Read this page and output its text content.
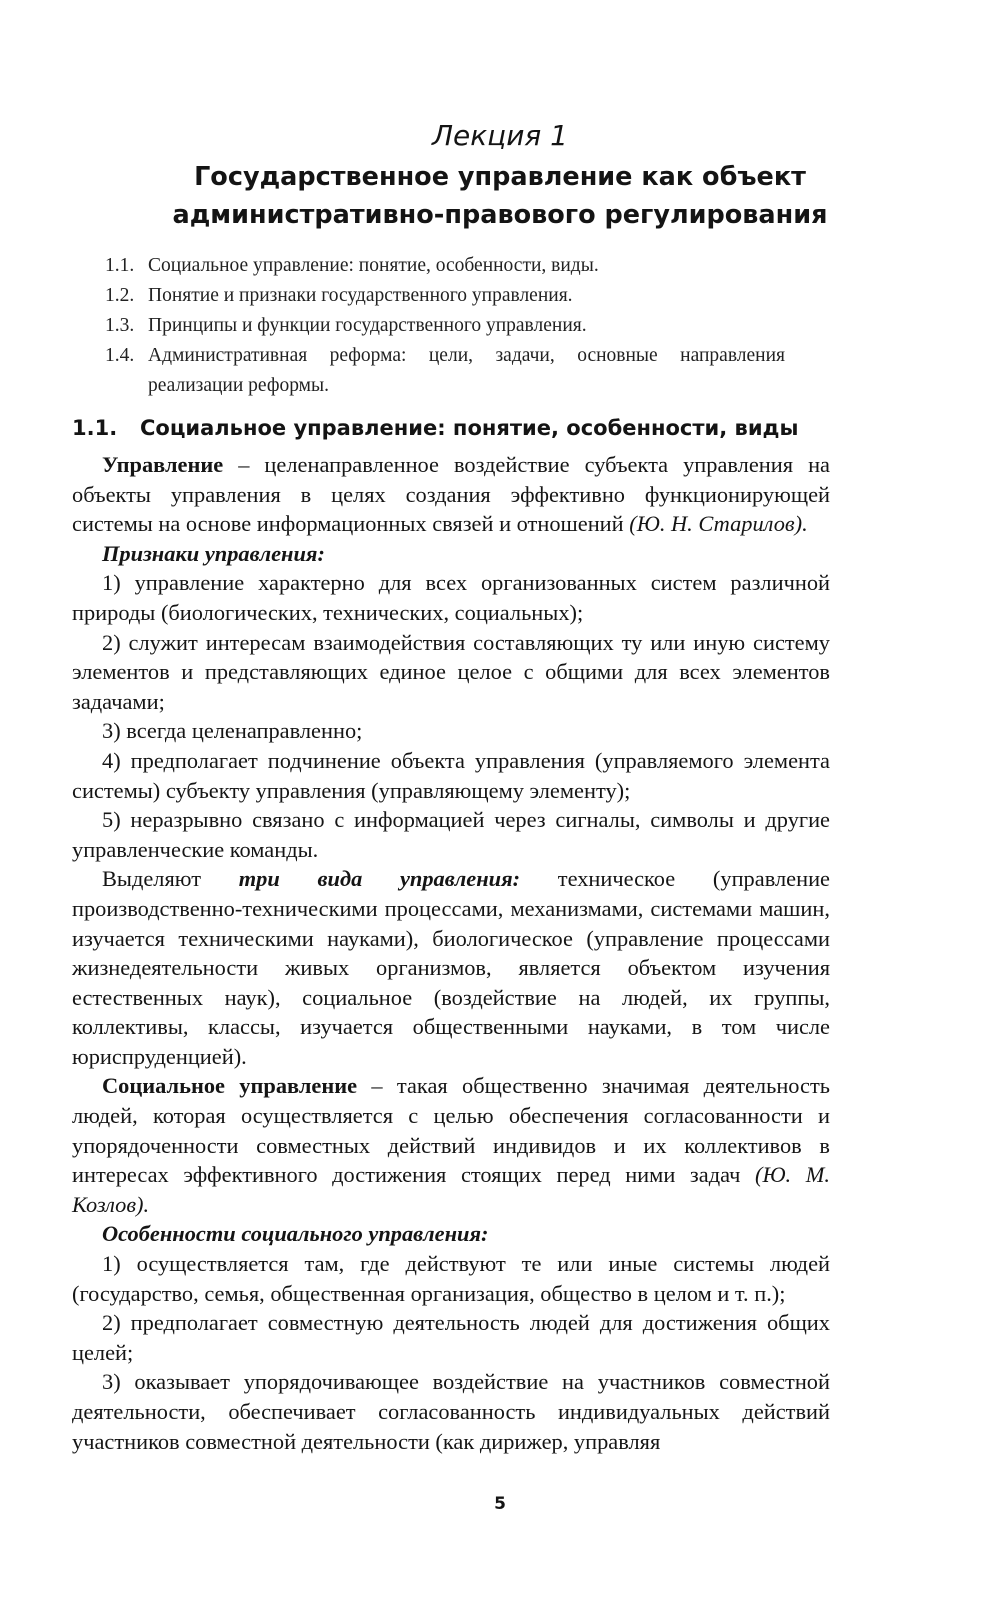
Лекция 1
Государственное управление как объект административно-правового регулирования
1.1. Социальное управление: понятие, особенности, виды.
1.2. Понятие и признаки государственного управления.
1.3. Принципы и функции государственного управления.
1.4. Административная реформа: цели, задачи, основные направления реализации реформы.
1.1. Социальное управление: понятие, особенности, виды

Управление – целенаправленное воздействие субъекта управления на объекты управления в целях создания эффективно функционирующей системы на основе информационных связей и отношений (Ю. Н. Старилов).

Признаки управления:

1) управление характерно для всех организованных систем различной природы (биологических, технических, социальных);

2) служит интересам взаимодействия составляющих ту или иную систему элементов и представляющих единое целое с общими для всех элементов задачами;

3) всегда целенаправленно;

4) предполагает подчинение объекта управления (управляемого элемента системы) субъекту управления (управляющему элементу);

5) неразрывно связано с информацией через сигналы, символы и другие управленческие команды.

Выделяют три вида управления: техническое (управление производственно-техническими процессами, механизмами, системами машин, изучается техническими науками), биологическое (управление процессами жизнедеятельности живых организмов, является объектом изучения естественных наук), социальное (воздействие на людей, их группы, коллективы, классы, изучается общественными науками, в том числе юриспруденцией).

Социальное управление – такая общественно значимая деятельность людей, которая осуществляется с целью обеспечения согласованности и упорядоченности совместных действий индивидов и их коллективов в интересах эффективного достижения стоящих перед ними задач (Ю. М. Козлов).

Особенности социального управления:

1) осуществляется там, где действуют те или иные системы людей (государство, семья, общественная организация, общество в целом и т. п.);

2) предполагает совместную деятельность людей для достижения общих целей;

3) оказывает упорядочивающее воздействие на участников совместной деятельности, обеспечивает согласованность индивидуальных действий участников совместной деятельности (как дирижер, управляя

5
